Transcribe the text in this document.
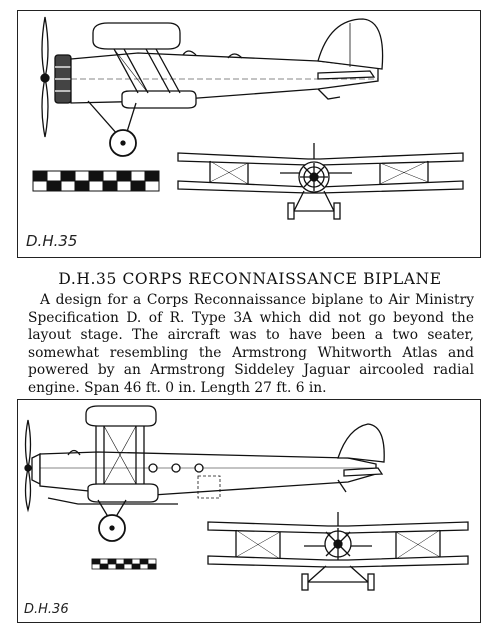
D.H.35
D.H.35 CORPS RECONNAISSANCE BIPLANE

A design for a Corps Reconnaissance biplane to Air Ministry Specification D. of R. Type 3A which did not go beyond the layout stage. The aircraft was to have been a two seater, somewhat resembling the Armstrong Whitworth Atlas and powered by an Armstrong Siddeley Jaguar aircooled radial engine. Span 46 ft. 0 in. Length 27 ft. 6 in.

D.H.36
